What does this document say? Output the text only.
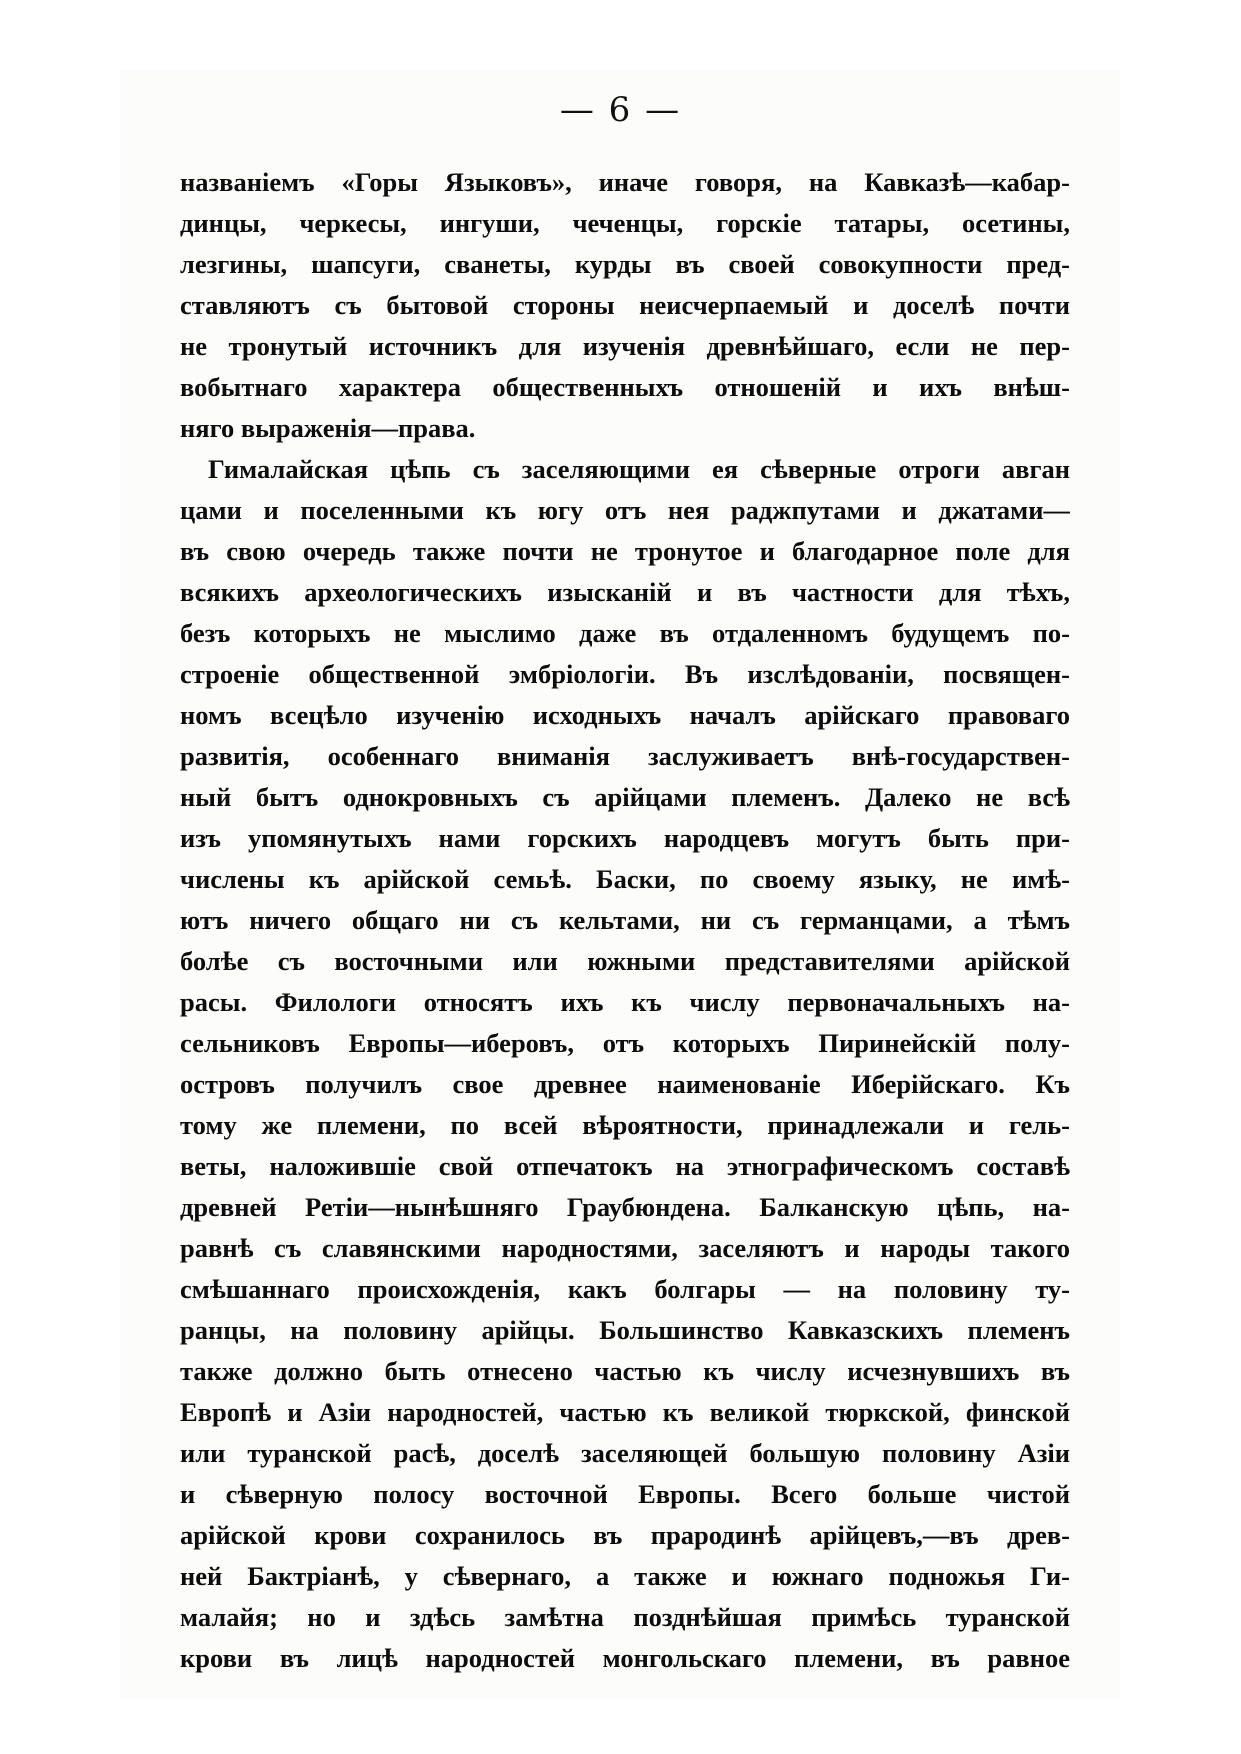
— 6 —
названіемъ «Горы Языковъ», иначе говоря, на Кавказѣ—кабар-
динцы, черкесы, ингуши, чеченцы, горскіе татары, осетины,
лезгины, шапсуги, сванеты, курды въ своей совокупности пред-
ставляютъ съ бытовой стороны неисчерпаемый и доселѣ почти
не тронутый источникъ для изученія древнѣйшаго, если не пер-
вобытнаго характера общественныхъ отношеній и ихъ внѣш-
няго выраженія—права.
Гималайская цѣпь съ заселяющими ея сѣверные отроги авган
цами и поселенными къ югу отъ нея раджпутами и джатами—
въ свою очередь также почти не тронутое и благодарное поле для
всякихъ археологическихъ изысканій и въ частности для тѣхъ,
безъ которыхъ не мыслимо даже въ отдаленномъ будущемъ по-
строеніе общественной эмбріологіи. Въ изслѣдованіи, посвящен-
номъ всецѣло изученію исходныхъ началъ арійскаго правоваго
развитія, особеннаго вниманія заслуживаетъ внѣ-государствен-
ный бытъ однокровныхъ съ арійцами племенъ. Далеко не всѣ
изъ упомянутыхъ нами горскихъ народцевъ могутъ быть при-
числены къ арійской семьѣ. Баски, по своему языку, не имѣ-
ютъ ничего общаго ни съ кельтами, ни съ германцами, а тѣмъ
болѣе съ восточными или южными представителями арійской
расы. Филологи относятъ ихъ къ числу первоначальныхъ на-
сельниковъ Европы—иберовъ, отъ которыхъ Пиринейскій полу-
островъ получилъ свое древнее наименованіе Иберійскаго. Къ
тому же племени, по всей вѣроятности, принадлежали и гель-
веты, наложившіе свой отпечатокъ на этнографическомъ составѣ
древней Ретіи—нынѣшняго Граубюндена. Балканскую цѣпь, на-
равнѣ съ славянскими народностями, заселяютъ и народы такого
смѣшаннаго происхожденія, какъ болгары — на половину ту-
ранцы, на половину арійцы. Большинство Кавказскихъ племенъ
также должно быть отнесено частью къ числу исчезнувшихъ въ
Европѣ и Азіи народностей, частью къ великой тюркской, финской
или туранской расѣ, доселѣ заселяющей большую половину Азіи
и сѣверную полосу восточной Европы. Всего больше чистой
арійской крови сохранилось въ прародинѣ арійцевъ,—въ древ-
ней Бактріанѣ, у сѣвернаго, а также и южнаго подножья Ги-
малайя; но и здѣсь замѣтна позднѣйшая примѣсь туранской
крови въ лицѣ народностей монгольскаго племени, въ равное
